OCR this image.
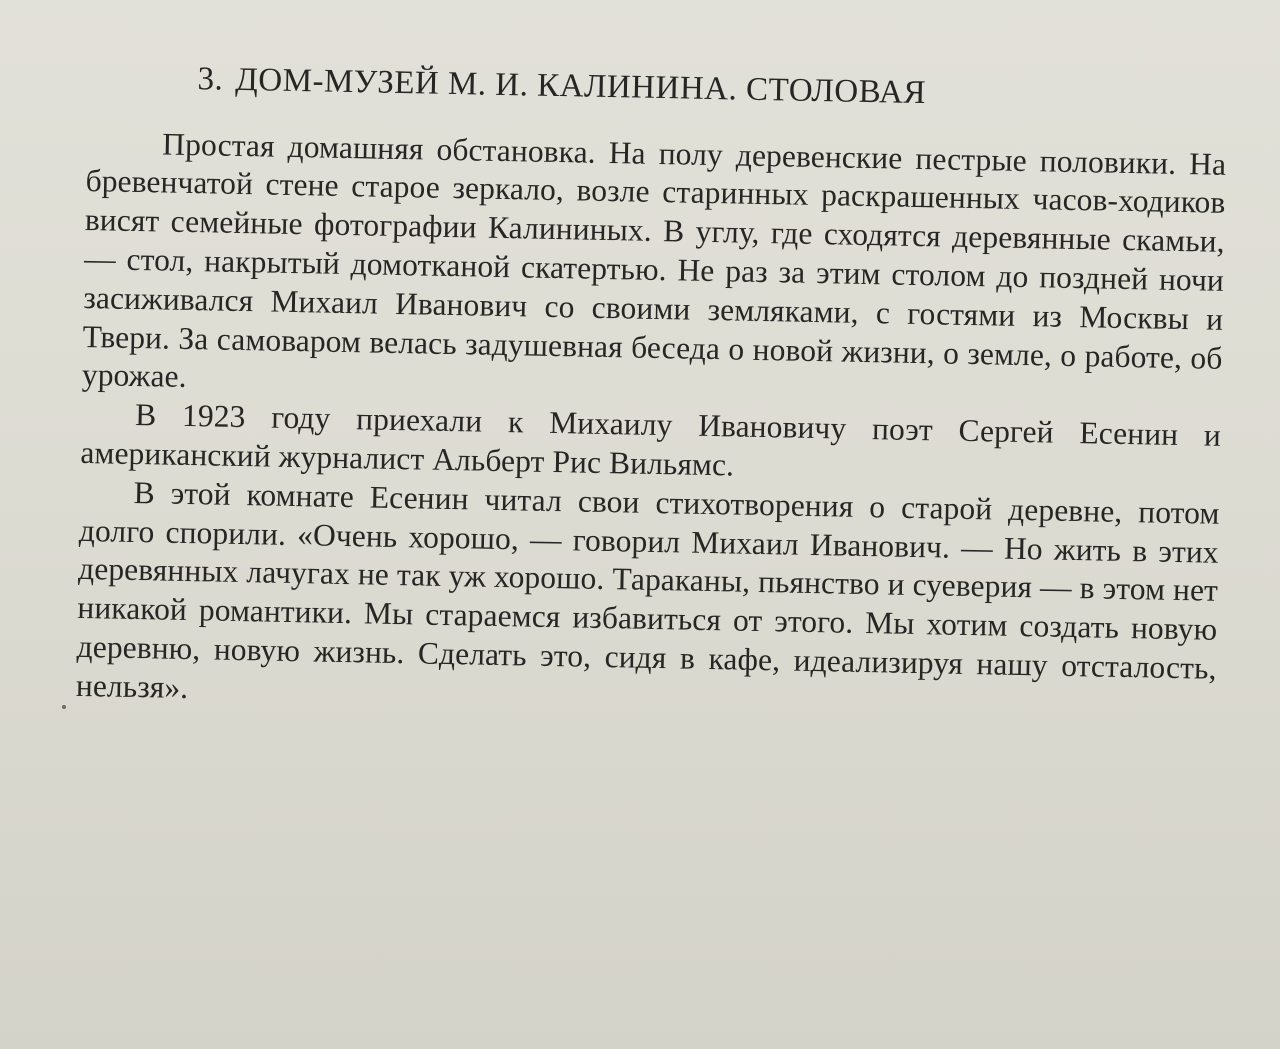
3. ДОМ-МУЗЕЙ М. И. КАЛИНИНА. СТОЛОВАЯ

Простая домашняя обстановка. На полу деревенские пестрые половики. На бревенчатой стене старое зеркало, возле старинных раскрашенных часов-ходиков висят семейные фотографии Калининых. В углу, где сходятся деревянные скамьи, — стол, накрытый домотканой скатертью. Не раз за этим столом до поздней ночи засиживался Михаил Иванович со своими земляками, с гостями из Москвы и Твери. За самоваром велась задушевная беседа о новой жизни, о земле, о работе, об урожае.

В 1923 году приехали к Михаилу Ивановичу поэт Сергей Есенин и американский журналист Альберт Рис Вильямс.

В этой комнате Есенин читал свои стихотворения о старой деревне, потом долго спорили. «Очень хорошо, — говорил Михаил Иванович. — Но жить в этих деревянных лачугах не так уж хорошо. Тараканы, пьянство и суеверия — в этом нет никакой романтики. Мы стараемся избавиться от этого. Мы хотим создать новую деревню, новую жизнь. Сделать это, сидя в кафе, идеализируя нашу отсталость, нельзя».
